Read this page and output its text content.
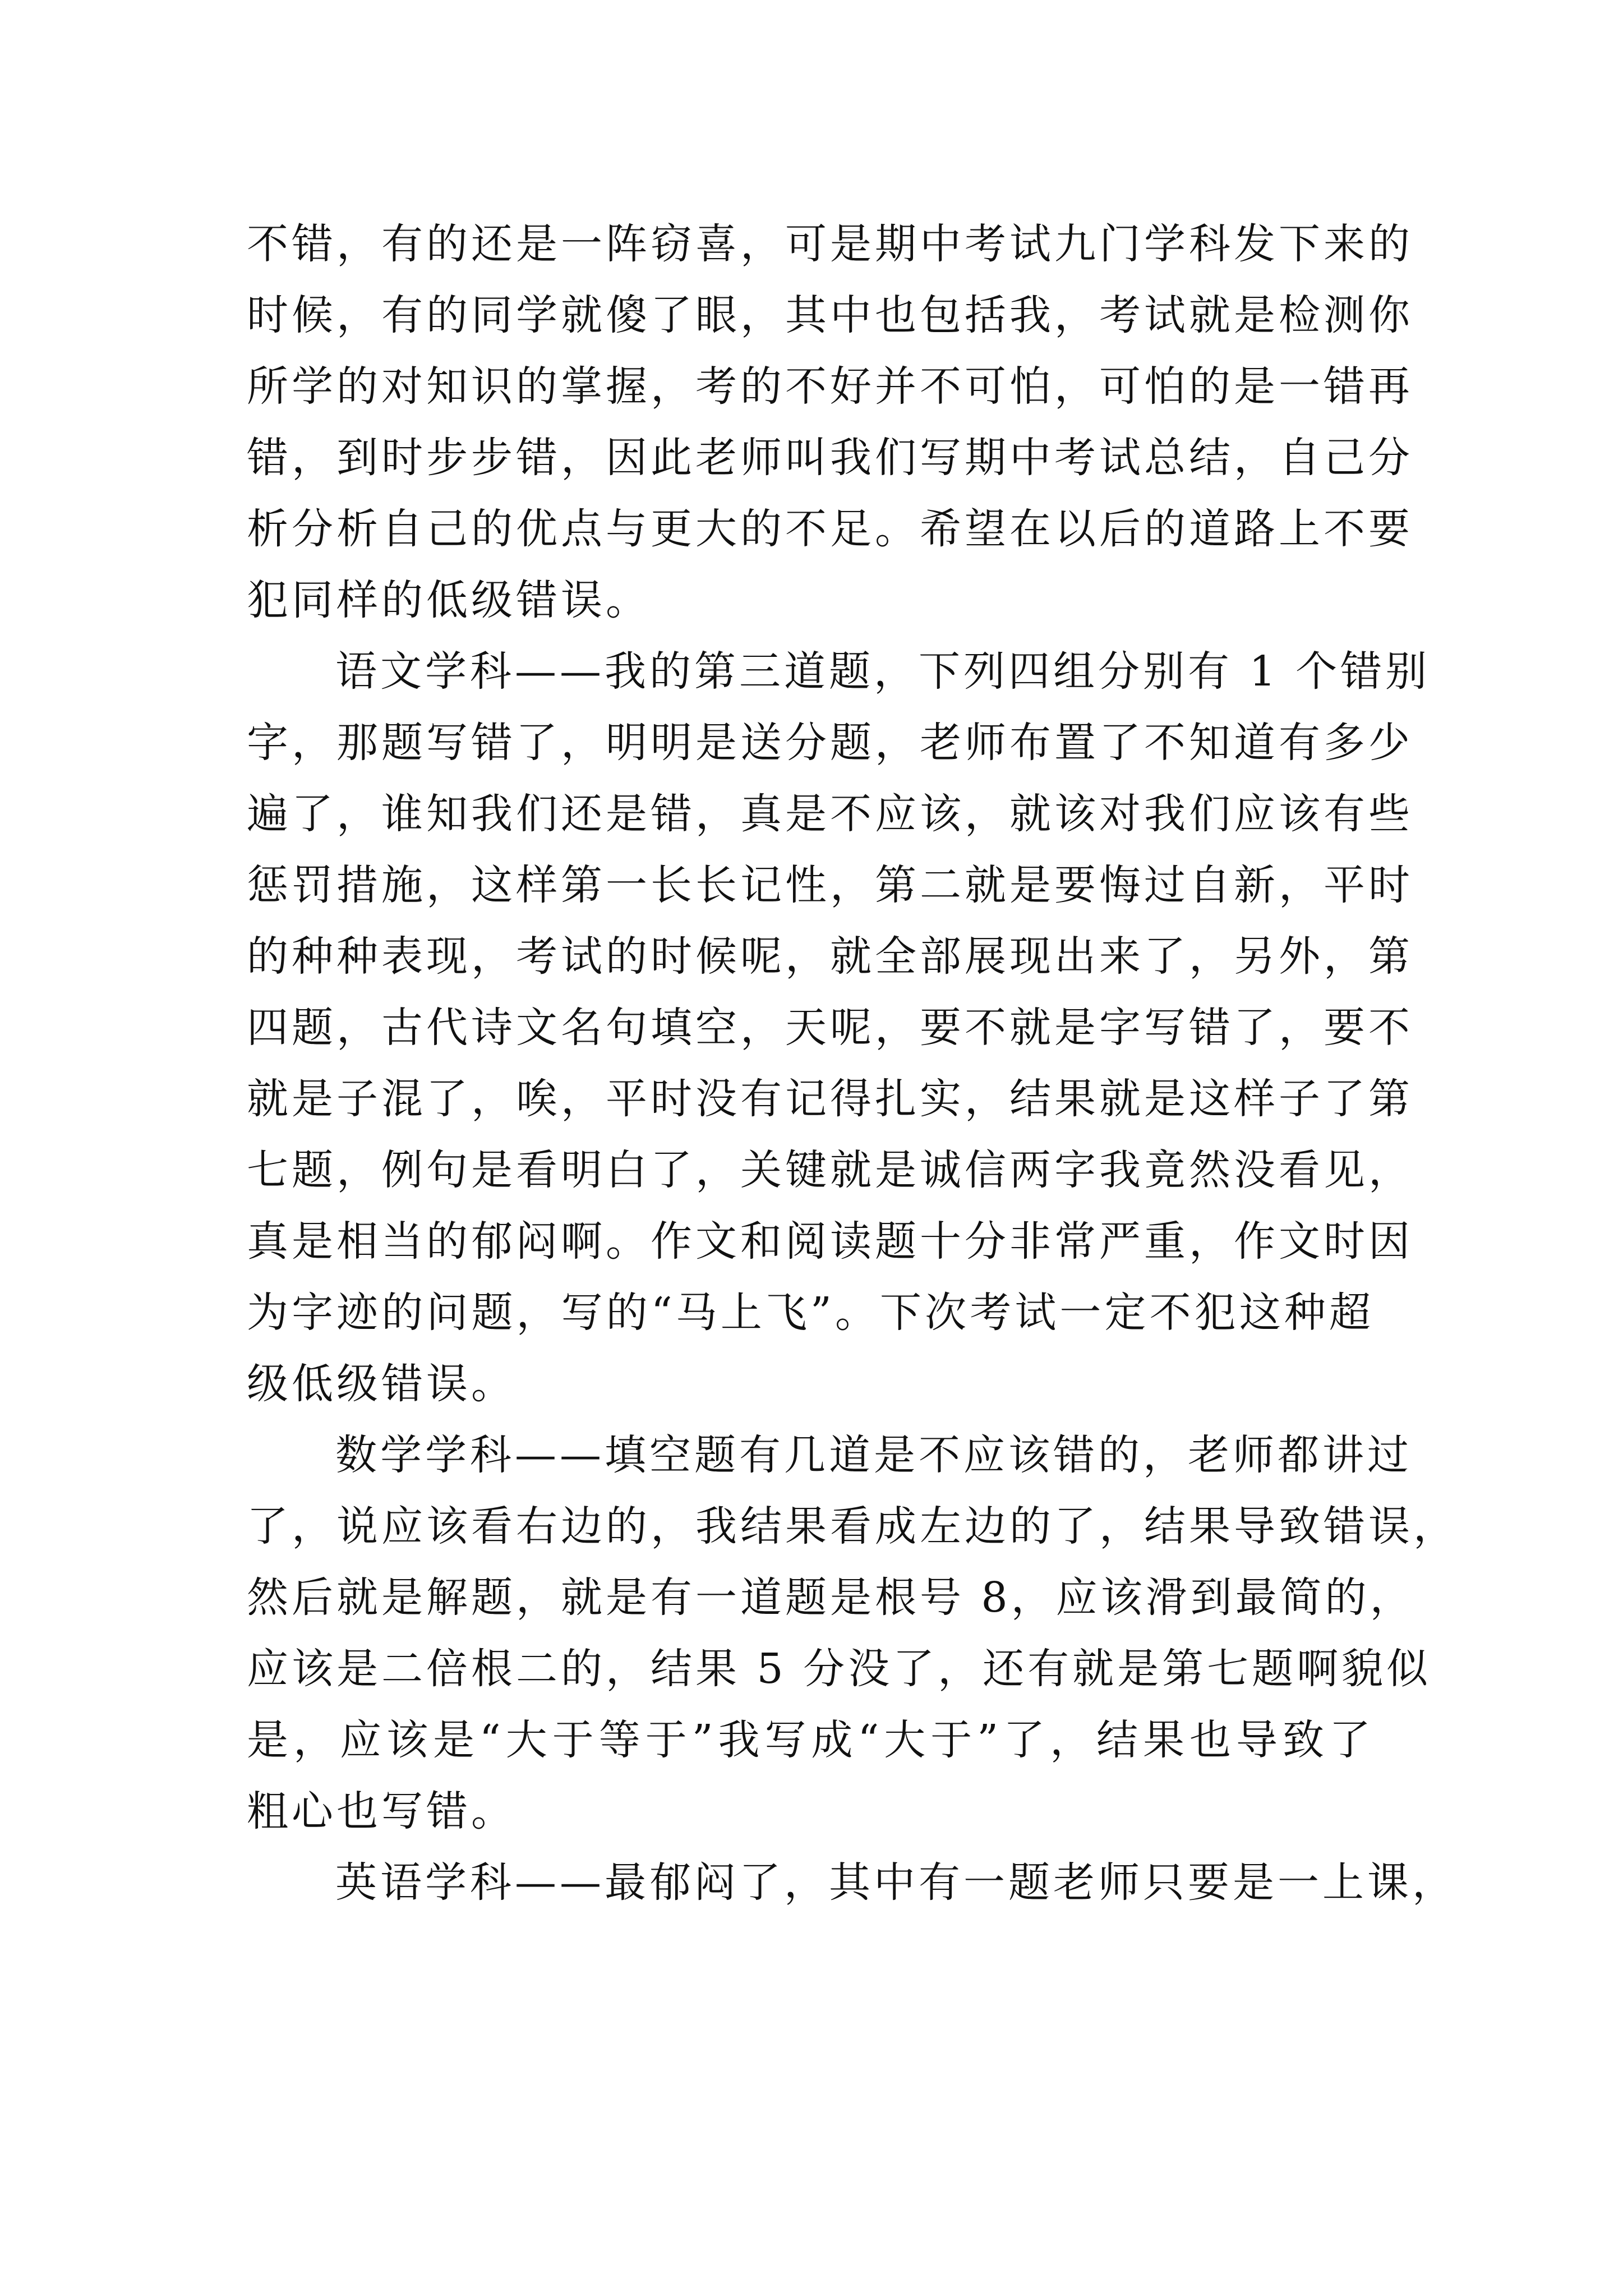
不错，有的还是一阵窃喜，可是期中考试九门学科发下来的
时候，有的同学就傻了眼，其中也包括我，考试就是检测你
所学的对知识的掌握，考的不好并不可怕，可怕的是一错再
错，到时步步错，因此老师叫我们写期中考试总结，自己分
析分析自己的优点与更大的不足。希望在以后的道路上不要
犯同样的低级错误。
语文学科——我的第三道题，下列四组分别有 1 个错别
字，那题写错了，明明是送分题，老师布置了不知道有多少
遍了，谁知我们还是错，真是不应该，就该对我们应该有些
惩罚措施，这样第一长长记性，第二就是要悔过自新，平时
的种种表现，考试的时候呢，就全部展现出来了，另外，第
四题，古代诗文名句填空，天呢，要不就是字写错了，要不
就是子混了，唉，平时没有记得扎实，结果就是这样子了第
七题，例句是看明白了，关键就是诚信两字我竟然没看见，
真是相当的郁闷啊。作文和阅读题十分非常严重，作文时因
为字迹的问题，写的“马上飞”。下次考试一定不犯这种超
级低级错误。
数学学科——填空题有几道是不应该错的，老师都讲过
了，说应该看右边的，我结果看成左边的了，结果导致错误，
然后就是解题，就是有一道题是根号 8，应该滑到最简的，
应该是二倍根二的，结果 5 分没了，还有就是第七题啊貌似
是，应该是“大于等于”我写成“大于”了，结果也导致了
粗心也写错。
英语学科——最郁闷了，其中有一题老师只要是一上课，
